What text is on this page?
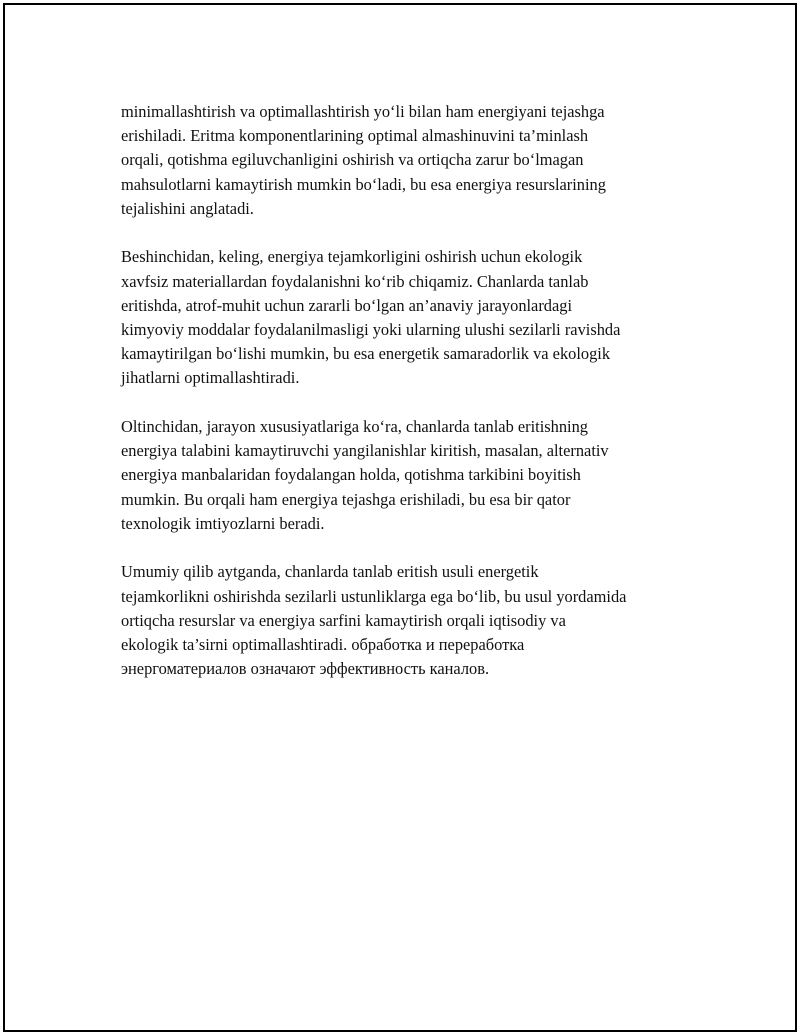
minimallashtirish va optimallashtirish yo‘li bilan ham energiyani tejashga
erishiladi. Eritma komponentlarining optimal almashinuvini ta’minlash
orqali, qotishma egiluvchanligini oshirish va ortiqcha zarur bo‘lmagan
mahsulotlarni kamaytirish mumkin bo‘ladi, bu esa energiya resurslarining
tejalishini anglatadi.

Beshinchidan, keling, energiya tejamkorligini oshirish uchun ekologik
xavfsiz materiallardan foydalanishni ko‘rib chiqamiz. Chanlarda tanlab
eritishda, atrof-muhit uchun zararli bo‘lgan an’anaviy jarayonlardagi
kimyoviy moddalar foydalanilmasligi yoki ularning ulushi sezilarli ravishda
kamaytirilgan bo‘lishi mumkin, bu esa energetik samaradorlik va ekologik
jihatlarni optimallashtiradi.

Oltinchidan, jarayon xususiyatlariga ko‘ra, chanlarda tanlab eritishning
energiya talabini kamaytiruvchi yangilanishlar kiritish, masalan, alternativ
energiya manbalaridan foydalangan holda, qotishma tarkibini boyitish
mumkin. Bu orqali ham energiya tejashga erishiladi, bu esa bir qator
texnologik imtiyozlarni beradi.

Umumiy qilib aytganda, chanlarda tanlab eritish usuli energetik
tejamkorlikni oshirishda sezilarli ustunliklarga ega bo‘lib, bu usul yordamida
ortiqcha resurslar va energiya sarfini kamaytirish orqali iqtisodiy va
ekologik ta’sirni optimallashtiradi. обработка и переработка
энергоматериалов означают эффективность каналов.
